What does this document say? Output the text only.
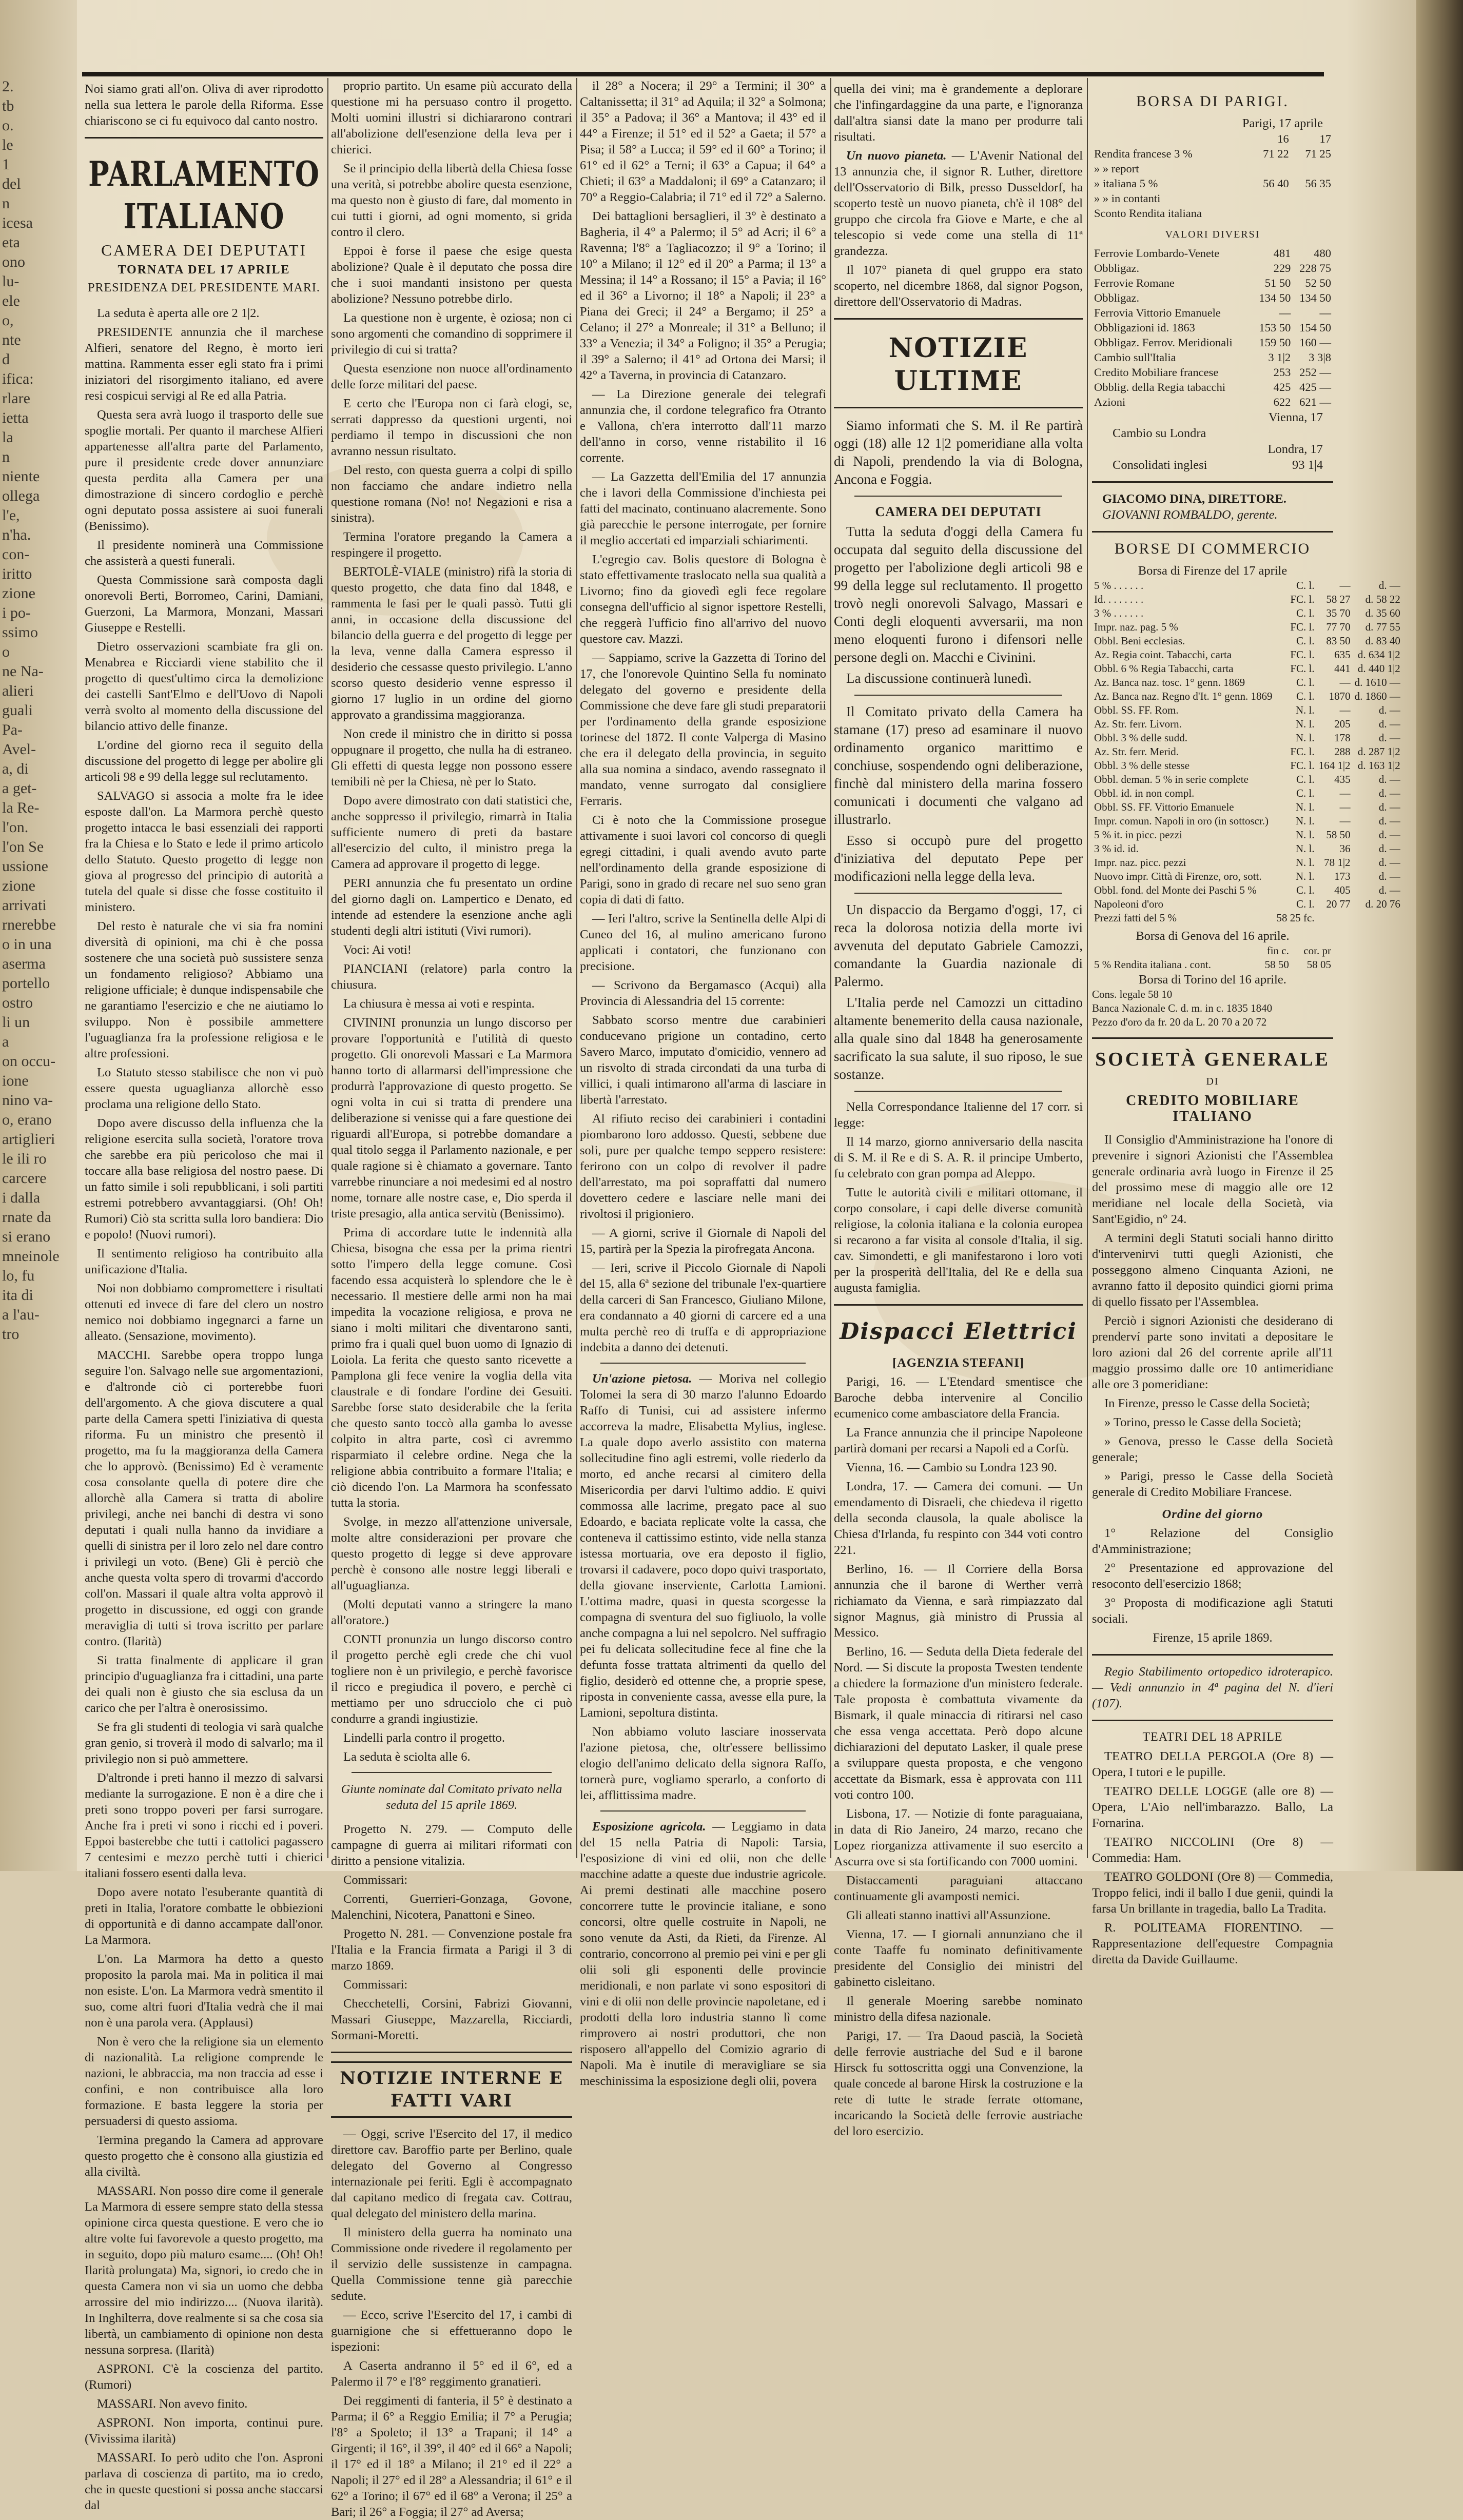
2.
tb
o.
le
1
del
n
icesa
eta
ono
lu-
ele
o,
nte
d
ifica:
rlare
ietta
la
n
niente
ollega
l'e,
n'ha.
con-
iritto
zione
i po-
ssimo
o
ne Na-
alieri
guali
Pa-
Avel-
a, di
a get-
la Re-
l'on.
l'on Se
ussione
zione
arrivati
rnerebbe
o in una
aserma
portello
ostro
li un
a
on occu-
ione
nino va-
o, erano
artiglieri
le ili ro
carcere
i dalla
rnate da
si erano
mneinole
lo, fu
ita di
a l'au-
tro

Noi siamo grati all'on. Oliva di aver riprodotto nella sua lettera le parole della Riforma. Esse chiariscono se ci fu equivoco dal canto nostro.

PARLAMENTO ITALIANO
CAMERA DEI DEPUTATI
TORNATA DEL 17 APRILE
PRESIDENZA DEL PRESIDENTE MARI.

La seduta è aperta alle ore 2 1|2.

PRESIDENTE annunzia che il marchese Alfieri, senatore del Regno, è morto ieri mattina. Rammenta esser egli stato fra i primi iniziatori del risorgimento italiano, ed avere resi cospicui servigi al Re ed alla Patria.

Questa sera avrà luogo il trasporto delle sue spoglie mortali. Per quanto il marchese Alfieri appartenesse all'altra parte del Parlamento, pure il presidente crede dover annunziare questa perdita alla Camera per una dimostrazione di sincero cordoglio e perchè ogni deputato possa assistere ai suoi funerali (Benissimo).

Il presidente nominerà una Commissione che assisterà a questi funerali.

Questa Commissione sarà composta dagli onorevoli Berti, Borromeo, Carini, Damiani, Guerzoni, La Marmora, Monzani, Massari Giuseppe e Restelli.

Dietro osservazioni scambiate fra gli on. Menabrea e Ricciardi viene stabilito che il progetto di quest'ultimo circa la demolizione dei castelli Sant'Elmo e dell'Uovo di Napoli verrà svolto al momento della discussione del bilancio attivo delle finanze.

L'ordine del giorno reca il seguito della discussione del progetto di legge per abolire gli articoli 98 e 99 della legge sul reclutamento.

SALVAGO si associa a molte fra le idee esposte dall'on. La Marmora perchè questo progetto intacca le basi essenziali dei rapporti fra la Chiesa e lo Stato e lede il primo articolo dello Statuto. Questo progetto di legge non giova al progresso del principio di autorità a tutela del quale si disse che fosse costituito il ministero.

Del resto è naturale che vi sia fra nomini diversità di opinioni, ma chi è che possa sostenere che una società può sussistere senza un fondamento religioso? Abbiamo una religione ufficiale; è dunque indispensabile che ne garantiamo l'esercizio e che ne aiutiamo lo sviluppo. Non è possibile ammettere l'uguaglianza fra la professione religiosa e le altre professioni.

Lo Statuto stesso stabilisce che non vi può essere questa uguaglianza allorchè esso proclama una religione dello Stato.

Dopo avere discusso della influenza che la religione esercita sulla società, l'oratore trova che sarebbe era più pericoloso che mai il toccare alla base religiosa del nostro paese. Di un fatto simile i soli repubblicani, i soli partiti estremi potrebbero avvantaggiarsi. (Oh! Oh! Rumori) Ciò sta scritta sulla loro bandiera: Dio e popolo! (Nuovi rumori).

Il sentimento religioso ha contribuito alla unificazione d'Italia.

Noi non dobbiamo compromettere i risultati ottenuti ed invece di fare del clero un nostro nemico noi dobbiamo ingegnarci a farne un alleato. (Sensazione, movimento).

MACCHI. Sarebbe opera troppo lunga seguire l'on. Salvago nelle sue argomentazioni, e d'altronde ciò ci porterebbe fuori dell'argomento. A che giova discutere a qual parte della Camera spetti l'iniziativa di questa riforma. Fu un ministro che presentò il progetto, ma fu la maggioranza della Camera che lo approvò. (Benissimo) Ed è veramente cosa consolante quella di potere dire che allorchè alla Camera si tratta di abolire privilegi, anche nei banchi di destra vi sono deputati i quali nulla hanno da invidiare a quelli di sinistra per il loro zelo nel dare contro i privilegi un voto. (Bene) Gli è perciò che anche questa volta spero di trovarmi d'accordo coll'on. Massari il quale altra volta approvò il progetto in discussione, ed oggi con grande meraviglia di tutti si trova iscritto per parlare contro. (Ilarità)

Si tratta finalmente di applicare il gran principio d'uguaglianza fra i cittadini, una parte dei quali non è giusto che sia esclusa da un carico che per l'altra è onerosissimo.

Se fra gli studenti di teologia vi sarà qualche gran genio, si troverà il modo di salvarlo; ma il privilegio non si può ammettere.

D'altronde i preti hanno il mezzo di salvarsi mediante la surrogazione. E non è a dire che i preti sono troppo poveri per farsi surrogare. Anche fra i preti vi sono i ricchi ed i poveri. Eppoi basterebbe che tutti i cattolici pagassero 7 centesimi e mezzo perchè tutti i chierici italiani fossero esenti dalla leva.

Dopo avere notato l'esuberante quantità di preti in Italia, l'oratore combatte le obbiezioni di opportunità e di danno accampate dall'onor. La Marmora.

L'on. La Marmora ha detto a questo proposito la parola mai. Ma in politica il mai non esiste. L'on. La Marmora vedrà smentito il suo, come altri fuori d'Italia vedrà che il mai non è una parola vera. (Applausi)

Non è vero che la religione sia un elemento di nazionalità. La religione comprende le nazioni, le abbraccia, ma non traccia ad esse i confini, e non contribuisce alla loro formazione. E basta leggere la storia per persuadersi di questo assioma.

Termina pregando la Camera ad approvare questo progetto che è consono alla giustizia ed alla civiltà.

MASSARI. Non posso dire come il generale La Marmora di essere sempre stato della stessa opinione circa questa questione. E vero che io altre volte fui favorevole a questo progetto, ma in seguito, dopo più maturo esame.... (Oh! Oh! Ilarità prolungata) Ma, signori, io credo che in questa Camera non vi sia un uomo che debba arrossire del mio indirizzo.... (Nuova ilarità). In Inghilterra, dove realmente si sa che cosa sia libertà, un cambiamento di opinione non desta nessuna sorpresa. (Ilarità)

ASPRONI. C'è la coscienza del partito. (Rumori)

MASSARI. Non avevo finito.

ASPRONI. Non importa, continui pure. (Vivissima ilarità)

MASSARI. Io però udito che l'on. Asproni parlava di coscienza di partito, ma io credo, che in queste questioni si possa anche staccarsi dal

proprio partito. Un esame più accurato della questione mi ha persuaso contro il progetto. Molti uomini illustri si dichiararono contrari all'abolizione dell'esenzione della leva per i chierici.

Se il principio della libertà della Chiesa fosse una verità, si potrebbe abolire questa esenzione, ma questo non è giusto di fare, dal momento in cui tutti i giorni, ad ogni momento, si grida contro il clero.

Eppoi è forse il paese che esige questa abolizione? Quale è il deputato che possa dire che i suoi mandanti insistono per questa abolizione? Nessuno potrebbe dirlo.

La questione non è urgente, è oziosa; non ci sono argomenti che comandino di sopprimere il privilegio di cui si tratta?

Questa esenzione non nuoce all'ordinamento delle forze militari del paese.

E certo che l'Europa non ci farà elogi, se, serrati dappresso da questioni urgenti, noi perdiamo il tempo in discussioni che non avranno nessun risultato.

Del resto, con questa guerra a colpi di spillo non facciamo che andare indietro nella questione romana (No! no! Negazioni e risa a sinistra).

Termina l'oratore pregando la Camera a respingere il progetto.

BERTOLÈ-VIALE (ministro) rifà la storia di questo progetto, che data fino dal 1848, e rammenta le fasi per le quali passò. Tutti gli anni, in occasione della discussione del bilancio della guerra e del progetto di legge per la leva, venne dalla Camera espresso il desiderio che cessasse questo privilegio. L'anno scorso questo desiderio venne espresso il giorno 17 luglio in un ordine del giorno approvato a grandissima maggioranza.

Non crede il ministro che in diritto si possa oppugnare il progetto, che nulla ha di estraneo. Gli effetti di questa legge non possono essere temibili nè per la Chiesa, nè per lo Stato.

Dopo avere dimostrato con dati statistici che, anche soppresso il privilegio, rimarrà in Italia sufficiente numero di preti da bastare all'esercizio del culto, il ministro prega la Camera ad approvare il progetto di legge.

PERI annunzia che fu presentato un ordine del giorno dagli on. Lampertico e Denato, ed intende ad estendere la esenzione anche agli studenti degli altri istituti (Vivi rumori).

Voci: Ai voti!

PIANCIANI (relatore) parla contro la chiusura.

La chiusura è messa ai voti e respinta.

CIVININI pronunzia un lungo discorso per provare l'opportunità e l'utilità di questo progetto. Gli onorevoli Massari e La Marmora hanno torto di allarmarsi dell'impressione che produrrà l'approvazione di questo progetto. Se ogni volta in cui si tratta di prendere una deliberazione si venisse qui a fare questione dei riguardi all'Europa, si potrebbe domandare a qual titolo segga il Parlamento nazionale, e per quale ragione si è chiamato a governare. Tanto varrebbe rinunciare a noi medesimi ed al nostro nome, tornare alle nostre case, e, Dio sperda il triste presagio, alla antica servitù (Benissimo).

Prima di accordare tutte le indennità alla Chiesa, bisogna che essa per la prima rientri sotto l'impero della legge comune. Così facendo essa acquisterà lo splendore che le è necessario. Il mestiere delle armi non ha mai impedita la vocazione religiosa, e prova ne siano i molti militari che diventarono santi, primo fra i quali quel buon uomo di Ignazio di Loiola. La ferita che questo santo ricevette a Pamplona gli fece venire la voglia della vita claustrale e di fondare l'ordine dei Gesuiti. Sarebbe forse stato desiderabile che la ferita che questo santo toccò alla gamba lo avesse colpito in altra parte, così ci avremmo risparmiato il celebre ordine. Nega che la religione abbia contribuito a formare l'Italia; e ciò dicendo l'on. La Marmora ha sconfessato tutta la storia.

Svolge, in mezzo all'attenzione universale, molte altre considerazioni per provare che questo progetto di legge si deve approvare perchè è consono alle nostre leggi liberali e all'uguaglianza.

(Molti deputati vanno a stringere la mano all'oratore.)

CONTI pronunzia un lungo discorso contro il progetto perchè egli crede che chi vuol togliere non è un privilegio, e perchè favorisce il ricco e pregiudica il povero, e perchè ci mettiamo per uno sdrucciolo che ci può condurre a grandi ingiustizie.

Lindelli parla contro il progetto.

La seduta è sciolta alle 6.

Giunte nominate dal Comitato privato nella seduta del 15 aprile 1869.

Progetto N. 279. — Computo delle campagne di guerra ai militari riformati con diritto a pensione vitalizia.

Commissari:

Correnti, Guerrieri-Gonzaga, Govone, Malenchini, Nicotera, Panattoni e Sineo.

Progetto N. 281. — Convenzione postale fra l'Italia e la Francia firmata a Parigi il 3 di marzo 1869.

Commissari:

Checchetelli, Corsini, Fabrizi Giovanni, Massari Giuseppe, Mazzarella, Ricciardi, Sormani-Moretti.

NOTIZIE INTERNE E FATTI VARI

— Oggi, scrive l'Esercito del 17, il medico direttore cav. Baroffio parte per Berlino, quale delegato del Governo al Congresso internazionale pei feriti. Egli è accompagnato dal capitano medico di fregata cav. Cottrau, qual delegato del ministero della marina.

Il ministero della guerra ha nominato una Commissione onde rivedere il regolamento per il servizio delle sussistenze in campagna. Quella Commissione tenne già parecchie sedute.

— Ecco, scrive l'Esercito del 17, i cambi di guarnigione che si effettueranno dopo le ispezioni:

A Caserta andranno il 5° ed il 6°, ed a Palermo il 7° e l'8° reggimento granatieri.

Dei reggimenti di fanteria, il 5° è destinato a Parma; il 6° a Reggio Emilia; il 7° a Perugia; l'8° a Spoleto; il 13° a Trapani; il 14° a Girgenti; il 16°, il 39°, il 40° ed il 66° a Napoli; il 17° ed il 18° a Milano; il 21° ed il 22° a Napoli; il 27° ed il 28° a Alessandria; il 61° e il 62° a Torino; il 67° ed il 68° a Verona; il 25° a Bari; il 26° a Foggia; il 27° ad Aversa;

il 28° a Nocera; il 29° a Termini; il 30° a Caltanissetta; il 31° ad Aquila; il 32° a Solmona; il 35° a Padova; il 36° a Mantova; il 43° ed il 44° a Firenze; il 51° ed il 52° a Gaeta; il 57° a Pisa; il 58° a Lucca; il 59° ed il 60° a Torino; il 61° ed il 62° a Terni; il 63° a Capua; il 64° a Chieti; il 63° a Maddaloni; il 69° a Catanzaro; il 70° a Reggio-Calabria; il 71° ed il 72° a Salerno.

Dei battaglioni bersaglieri, il 3° è destinato a Bagheria, il 4° a Palermo; il 5° ad Acri; il 6° a Ravenna; l'8° a Tagliacozzo; il 9° a Torino; il 10° a Milano; il 12° ed il 20° a Parma; il 13° a Messina; il 14° a Rossano; il 15° a Pavia; il 16° ed il 36° a Livorno; il 18° a Napoli; il 23° a Piana dei Greci; il 24° a Bergamo; il 25° a Celano; il 27° a Monreale; il 31° a Belluno; il 33° a Venezia; il 34° a Foligno; il 35° a Perugia; il 39° a Salerno; il 41° ad Ortona dei Marsi; il 42° a Taverna, in provincia di Catanzaro.

— La Direzione generale dei telegrafi annunzia che, il cordone telegrafico fra Otranto e Vallona, ch'era interrotto dall'11 marzo dell'anno in corso, venne ristabilito il 16 corrente.

— La Gazzetta dell'Emilia del 17 annunzia che i lavori della Commissione d'inchiesta pei fatti del macinato, continuano alacremente. Sono già parecchie le persone interrogate, per fornire il meglio accertati ed imparziali schiarimenti.

L'egregio cav. Bolis questore di Bologna è stato effettivamente traslocato nella sua qualità a Livorno; fino da giovedì egli fece regolare consegna dell'ufficio al signor ispettore Restelli, che reggerà l'ufficio fino all'arrivo del nuovo questore cav. Mazzi.

— Sappiamo, scrive la Gazzetta di Torino del 17, che l'onorevole Quintino Sella fu nominato delegato del governo e presidente della Commissione che deve fare gli studi preparatorii per l'ordinamento della grande esposizione torinese del 1872. Il conte Valperga di Masino che era il delegato della provincia, in seguito alla sua nomina a sindaco, avendo rassegnato il mandato, venne surrogato dal consigliere Ferraris.

Ci è noto che la Commissione prosegue attivamente i suoi lavori col concorso di quegli egregi cittadini, i quali avendo avuto parte nell'ordinamento della grande esposizione di Parigi, sono in grado di recare nel suo seno gran copia di dati di fatto.

— Ieri l'altro, scrive la Sentinella delle Alpi di Cuneo del 16, al mulino americano furono applicati i contatori, che funzionano con precisione.

— Scrivono da Bergamasco (Acqui) alla Provincia di Alessandria del 15 corrente:

Sabbato scorso mentre due carabinieri conducevano prigione un contadino, certo Savero Marco, imputato d'omicidio, vennero ad un risvolto di strada circondati da una turba di villici, i quali intimarono all'arma di lasciare in libertà l'arrestato.

Al rifiuto reciso dei carabinieri i contadini piombarono loro addosso. Questi, sebbene due soli, pure per qualche tempo seppero resistere: ferirono con un colpo di revolver il padre dell'arrestato, ma poi sopraffatti dal numero dovettero cedere e lasciare nelle mani dei rivoltosi il prigioniero.

— A giorni, scrive il Giornale di Napoli del 15, partirà per la Spezia la pirofregata Ancona.

— Ieri, scrive il Piccolo Giornale di Napoli del 15, alla 6ª sezione del tribunale l'ex-quartiere della carceri di San Francesco, Giuliano Milone, era condannato a 40 giorni di carcere ed a una multa perchè reo di truffa e di appropriazione indebita a danno dei detenuti.

Un'azione pietosa. — Moriva nel collegio Tolomei la sera di 30 marzo l'alunno Edoardo Raffo di Tunisi, cui ad assistere infermo accorreva la madre, Elisabetta Mylius, inglese. La quale dopo averlo assistito con materna sollecitudine fino agli estremi, volle riederlo da morto, ed anche recarsi al cimitero della Misericordia per darvi l'ultimo addio. E quivi commossa alle lacrime, pregato pace al suo Edoardo, e baciata replicate volte la cassa, che conteneva il cattissimo estinto, vide nella stanza istessa mortuaria, ove era deposto il figlio, trovarsi il cadavere, poco dopo quivi trasportato, della giovane inserviente, Carlotta Lamioni. L'ottima madre, quasi in questa scorgesse la compagna di sventura del suo figliuolo, la volle anche compagna a lui nel sepolcro. Nel suffragio pei fu delicata sollecitudine fece al fine che la defunta fosse trattata altrimenti da quello del figlio, desiderò ed ottenne che, a proprie spese, riposta in conveniente cassa, avesse ella pure, la Lamioni, sepoltura distinta.

Non abbiamo voluto lasciare inosservata l'azione pietosa, che, oltr'essere bellissimo elogio dell'animo delicato della signora Raffo, tornerà pure, vogliamo sperarlo, a conforto di lei, afflittissima madre.

Esposizione agricola. — Leggiamo in data del 15 nella Patria di Napoli: Tarsia, l'esposizione di vini ed olii, non che delle macchine adatte a queste due industrie agricole. Ai premi destinati alle macchine posero concorrere tutte le provincie italiane, e sono concorsi, oltre quelle costruite in Napoli, ne sono venute da Asti, da Rieti, da Firenze. Al contrario, concorrono al premio pei vini e per gli olii soli gli esponenti delle provincie meridionali, e non parlate vi sono espositori di vini e di olii non delle provincie napoletane, ed i prodotti della loro industria stanno lì come rimprovero ai nostri produttori, che non risposero all'appello del Comizio agrario di Napoli. Ma è inutile di meravigliare se sia meschinissima la esposizione degli olii, povera

quella dei vini; ma è grandemente a deplorare che l'infingardaggine da una parte, e l'ignoranza dall'altra siansi date la mano per produrre tali risultati.

Un nuovo pianeta. — L'Avenir National del 13 annunzia che, il signor R. Luther, direttore dell'Osservatorio di Bilk, presso Dusseldorf, ha scoperto testè un nuovo pianeta, ch'è il 108° del gruppo che circola fra Giove e Marte, e che al telescopio si vede come una stella di 11ª grandezza.

Il 107° pianeta di quel gruppo era stato scoperto, nel dicembre 1868, dal signor Pogson, direttore dell'Osservatorio di Madras.

NOTIZIE ULTIME

Siamo informati che S. M. il Re partirà oggi (18) alle 12 1|2 pomeridiane alla volta di Napoli, prendendo la via di Bologna, Ancona e Foggia.

CAMERA DEI DEPUTATI

Tutta la seduta d'oggi della Camera fu occupata dal seguito della discussione del progetto per l'abolizione degli articoli 98 e 99 della legge sul reclutamento. Il progetto trovò negli onorevoli Salvago, Massari e Conti degli eloquenti avversarii, ma non meno eloquenti furono i difensori nelle persone degli on. Macchi e Civinini.

La discussione continuerà lunedì.

Il Comitato privato della Camera ha stamane (17) preso ad esaminare il nuovo ordinamento organico marittimo e conchiuse, sospendendo ogni deliberazione, finchè dal ministero della marina fossero comunicati i documenti che valgano ad illustrarlo.

Esso si occupò pure del progetto d'iniziativa del deputato Pepe per modificazioni nella legge della leva.

Un dispaccio da Bergamo d'oggi, 17, ci reca la dolorosa notizia della morte ivi avvenuta del deputato Gabriele Camozzi, comandante la Guardia nazionale di Palermo.

L'Italia perde nel Camozzi un cittadino altamente benemerito della causa nazionale, alla quale sino dal 1848 ha generosamente sacrificato la sua salute, il suo riposo, le sue sostanze.

Nella Correspondance Italienne del 17 corr. si legge:

Il 14 marzo, giorno anniversario della nascita di S. M. il Re e di S. A. R. il principe Umberto, fu celebrato con gran pompa ad Aleppo.

Tutte le autorità civili e militari ottomane, il corpo consolare, i capi delle diverse comunità religiose, la colonia italiana e la colonia europea si recarono a far visita al console d'Italia, il sig. cav. Simondetti, e gli manifestarono i loro voti per la prosperità dell'Italia, del Re e della sua augusta famiglia.

Dispacci Elettrici
[AGENZIA STEFANI]

Parigi, 16. — L'Etendard smentisce che Baroche debba intervenire al Concilio ecumenico come ambasciatore della Francia.

La France annunzia che il principe Napoleone partirà domani per recarsi a Napoli ed a Corfù.

Vienna, 16. — Cambio su Londra 123 90.

Londra, 17. — Camera dei comuni. — Un emendamento di Disraeli, che chiedeva il rigetto della seconda clausola, la quale abolisce la Chiesa d'Irlanda, fu respinto con 344 voti contro 221.

Berlino, 16. — Il Corriere della Borsa annunzia che il barone di Werther verrà richiamato da Vienna, e sarà rimpiazzato dal signor Magnus, già ministro di Prussia al Messico.

Berlino, 16. — Seduta della Dieta federale del Nord. — Si discute la proposta Twesten tendente a chiedere la formazione d'un ministero federale. Tale proposta è combattuta vivamente da Bismark, il quale minaccia di ritirarsi nel caso che essa venga accettata. Però dopo alcune dichiarazioni del deputato Lasker, il quale prese a sviluppare questa proposta, e che vengono accettate da Bismark, essa è approvata con 111 voti contro 100.

Lisbona, 17. — Notizie di fonte paraguaiana, in data di Rio Janeiro, 24 marzo, recano che Lopez riorganizza attivamente il suo esercito a Ascurra ove si sta fortificando con 7000 uomini.

Distaccamenti paraguiani attaccano continuamente gli avamposti nemici.

Gli alleati stanno inattivi all'Assunzione.

Vienna, 17. — I giornali annunziano che il conte Taaffe fu nominato definitivamente presidente del Consiglio dei ministri del gabinetto cisleitano.

Il generale Moering sarebbe nominato ministro della difesa nazionale.

Parigi, 17. — Tra Daoud pascià, la Società delle ferrovie austriache del Sud e il barone Hirsck fu sottoscritta oggi una Convenzione, la quale concede al barone Hirsk la costruzione e la rete di tutte le strade ferrate ottomane, incaricando la Società delle ferrovie austriache del loro esercizio.

BORSA DI PARIGI.
Parigi, 17 aprile
	16	17
Rendita francese 3 %	71 22	71 25
» » report		
» italiana 5 %	56 40	56 35
» » in contanti		
Sconto Rendita italiana		
VALORI DIVERSI
Ferrovie Lombardo-Venete	481	480
Obbligaz.	229	228 75
Ferrovie Romane	51 50	52 50
Obbligaz.	134 50	134 50
Ferrovia Vittorio Emanuele	—	—
Obbligazioni id. 1863	153 50	154 50
Obbligaz. Ferrov. Meridionali	159 50	160 —
Cambio sull'Italia	3 1|2	3 3|8
Credito Mobiliare francese	253	252 —
Obblig. della Regia tabacchi	425	425 —
Azioni	622	621 —
Vienna, 17
Cambio su Londra
Londra, 17
Consolidati inglesi	93 1|4
GIACOMO DINA, DIRETTORE.
GIOVANNI ROMBALDO, gerente.
BORSE DI COMMERCIO
Borsa di Firenze del 17 aprile
5 % . . . . . .	C. l.	—	d. —
Id. . . . . . . .	FC. l.	58 27	d. 58 22
3 % . . . . . .	C. l.	35 70	d. 35 60
Impr. naz. pag. 5 %	FC. l.	77 70	d. 77 55
Obbl. Beni ecclesias.	C. l.	83 50	d. 83 40
Az. Regia coint. Tabacchi, carta	FC. l.	635	d. 634 1|2
Obbl. 6 % Regia Tabacchi, carta	FC. l.	441	d. 440 1|2
Az. Banca naz. tosc. 1° genn. 1869	C. l.	—	d. 1610 —
Az. Banca naz. Regno d'It. 1° genn. 1869	C. l.	1870	d. 1860 —
Obbl. SS. FF. Rom.	N. l.	—	d. —
Az. Str. ferr. Livorn.	N. l.	205	d. —
Obbl. 3 % delle sudd.	N. l.	178	d. —
Az. Str. ferr. Merid.	FC. l.	288	d. 287 1|2
Obbl. 3 % delle stesse	FC. l.	164 1|2	d. 163 1|2
Obbl. deman. 5 % in serie complete	C. l.	435	d. —
Obbl. id. in non compl.	C. l.	—	d. —
Obbl. SS. FF. Vittorio Emanuele	N. l.	—	d. —
Impr. comun. Napoli in oro (in sottoscr.)	N. l.	—	d. —
5 % it. in picc. pezzi	N. l.	58 50	d. —
3 % id. id.	N. l.	36	d. —
Impr. naz. picc. pezzi	N. l.	78 1|2	d. —
Nuovo impr. Città di Firenze, oro, sott.	N. l.	173	d. —
Obbl. fond. del Monte dei Paschi 5 %	C. l.	405	d. —
Napoleoni d'oro	C. l.	20 77	d. 20 76
Prezzi fatti del 5 %	58 25 fc.		
Borsa di Genova del 16 aprile.
	fin c.	cor. pr
5 % Rendita italiana . cont.	58 50	58 05
Borsa di Torino del 16 aprile.
Cons. legale 58 10
Banca Nazionale C. d. m. in c. 1835 1840
Pezzo d'oro da fr. 20 da L. 20 70 a 20 72
SOCIETÀ GENERALE
DI
CREDITO MOBILIARE ITALIANO

Il Consiglio d'Amministrazione ha l'onore di prevenire i signori Azionisti che l'Assemblea generale ordinaria avrà luogo in Firenze il 25 del prossimo mese di maggio alle ore 12 meridiane nel locale della Società, via Sant'Egidio, n° 24.

A termini degli Statuti sociali hanno diritto d'intervenirvi tutti quegli Azionisti, che posseggono almeno Cinquanta Azioni, ne avranno fatto il deposito quindici giorni prima di quello fissato per l'Assemblea.

Perciò i signori Azionisti che desiderano di prenderví parte sono invitati a depositare le loro azioni dal 26 del corrente aprile all'11 maggio prossimo dalle ore 10 antimeridiane alle ore 3 pomeridiane:

In Firenze, presso le Casse della Società;

» Torino, presso le Casse della Società;

» Genova, presso le Casse della Società generale;

» Parigi, presso le Casse della Società generale di Credito Mobiliare Francese.

Ordine del giorno

1° Relazione del Consiglio d'Amministrazione;

2° Presentazione ed approvazione del resoconto dell'esercizio 1868;

3° Proposta di modificazione agli Statuti sociali.

Firenze, 15 aprile 1869.

Regio Stabilimento ortopedico idroterapico. — Vedi annunzio in 4ª pagina del N. d'ieri (107).

TEATRI DEL 18 APRILE

TEATRO DELLA PERGOLA (Ore 8) — Opera, I tutori e le pupille.

TEATRO DELLE LOGGE (alle ore 8) — Opera, L'Aio nell'imbarazzo. Ballo, La Fornarina.

TEATRO NICCOLINI (Ore 8) — Commedia: Ham.

TEATRO GOLDONI (Ore 8) — Commedia, Troppo felici, indi il ballo I due genii, quindi la farsa Un brillante in tragedia, ballo La Tradita.

R. POLITEAMA FIORENTINO. — Rappresentazione dell'equestre Compagnia diretta da Davide Guillaume.
